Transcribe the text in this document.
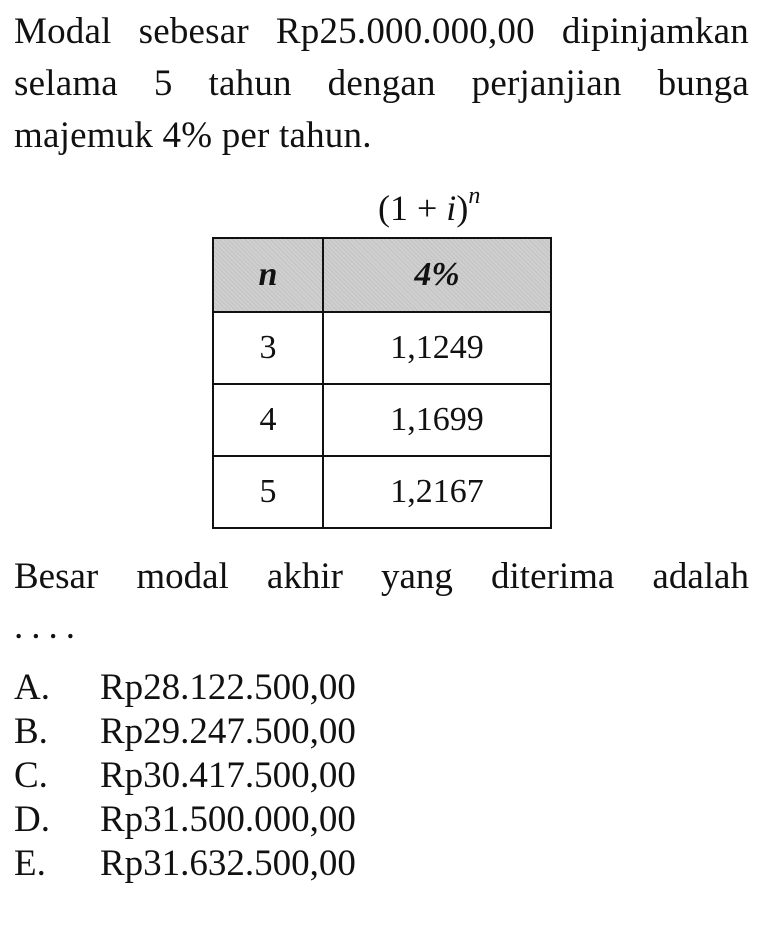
Modal sebesar Rp25.000.000,00 dipinjamkan selama 5 tahun dengan perjanjian bunga majemuk 4% per tahun.
$(1 + i)^n$
n	4%
3	1,1249
4	1,1699
5	1,2167
Besar modal akhir yang diterima adalah
....
A.	Rp28.122.500,00
B.	Rp29.247.500,00
C.	Rp30.417.500,00
D.	Rp31.500.000,00
E.	Rp31.632.500,00
